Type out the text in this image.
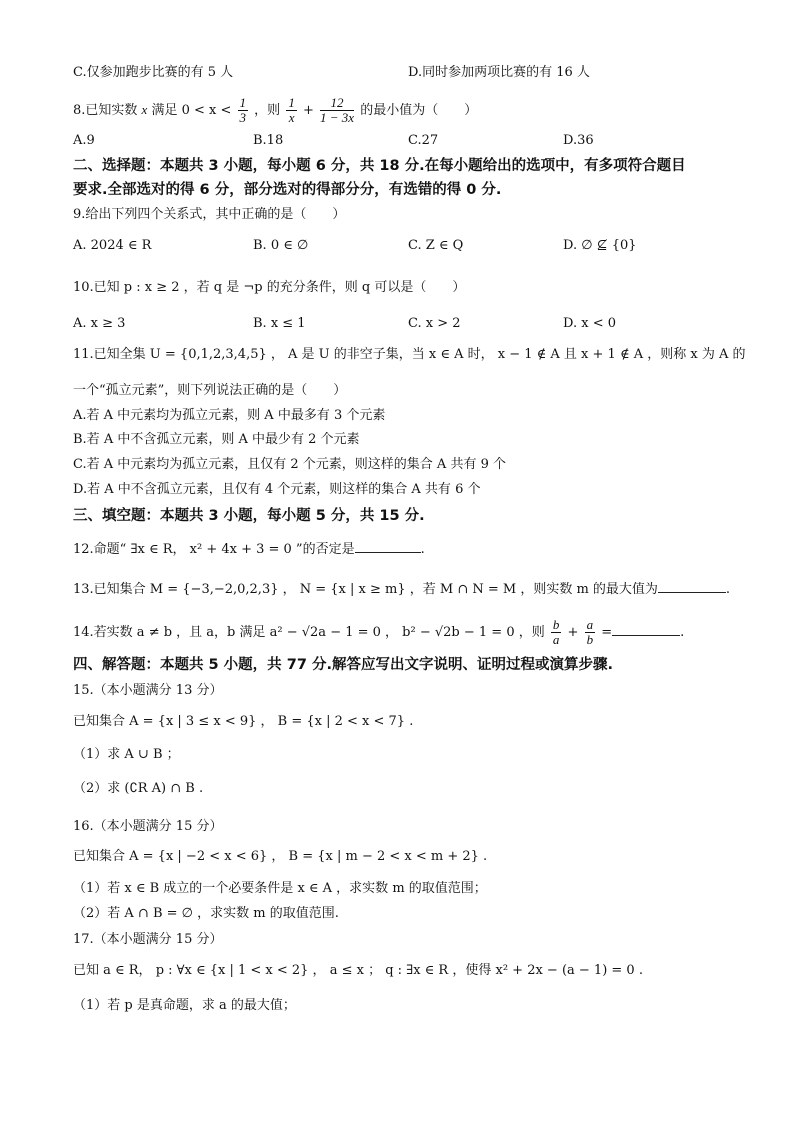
C.仅参加跑步比赛的有 5 人	D.同时参加两项比赛的有 16 人
8.已知实数 x 满足 $0 < x < \frac{1}{3}$ ，则 $\frac{1}{x} + \frac{12}{1 - 3x}$ 的最小值为（　　）
A.9	B.18	C.27	D.36
二、选择题：本题共 3 小题，每小题 6 分，共 18 分.在每小题给出的选项中，有多项符合题目
要求.全部选对的得 6 分，部分选对的得部分分，有选错的得 0 分.
9.给出下列四个关系式，其中正确的是（　　）
A. 2024 ∈ R	B. 0 ∈ ∅	C. Z ∈ Q	D. ∅ ⊈ {0}
10.已知 p : x ≥ 2 ，若 q 是 ¬p 的充分条件，则 q 可以是（　　）
A. x ≥ 3	B. x ≤ 1	C. x > 2	D. x < 0
11.已知全集 U = {0,1,2,3,4,5} ， A 是 U 的非空子集，当 x ∈ A 时， x − 1 ∉ A 且 x + 1 ∉ A ，则称 x 为 A 的
一个“孤立元素”，则下列说法正确的是（　　）
A.若 A 中元素均为孤立元素，则 A 中最多有 3 个元素
B.若 A 中不含孤立元素，则 A 中最少有 2 个元素
C.若 A 中元素均为孤立元素，且仅有 2 个元素，则这样的集合 A 共有 9 个
D.若 A 中不含孤立元素，且仅有 4 个元素，则这样的集合 A 共有 6 个
三、填空题：本题共 3 小题，每小题 5 分，共 15 分.
12.命题“ ∃x ∈ R， x² + 4x + 3 = 0 ”的否定是	.
13.已知集合 M = {−3,−2,0,2,3} ， N = {x | x ≥ m} ，若 M ∩ N = M ，则实数 m 的最大值为	.
14.若实数 a ≠ b ，且 a，b 满足 a² − √2a − 1 = 0 ， b² − √2b − 1 = 0 ，则 $\frac{b}{a} + \frac{a}{b}$ =	.
四、解答题：本题共 5 小题，共 77 分.解答应写出文字说明、证明过程或演算步骤.
15.（本小题满分 13 分）
已知集合 A = {x | 3 ≤ x < 9} ， B = {x | 2 < x < 7} .
（1）求 A ∪ B ；
（2）求 (∁R A) ∩ B .
16.（本小题满分 15 分）
已知集合 A = {x | −2 < x < 6} ， B = {x | m − 2 < x < m + 2} .
（1）若 x ∈ B 成立的一个必要条件是 x ∈ A ，求实数 m 的取值范围；
（2）若 A ∩ B = ∅ ，求实数 m 的取值范围.
17.（本小题满分 15 分）
已知 a ∈ R， p : ∀x ∈ {x | 1 < x < 2} ， a ≤ x ； q : ∃x ∈ R ，使得 x² + 2x − (a − 1) = 0 .
（1）若 p 是真命题，求 a 的最大值；
